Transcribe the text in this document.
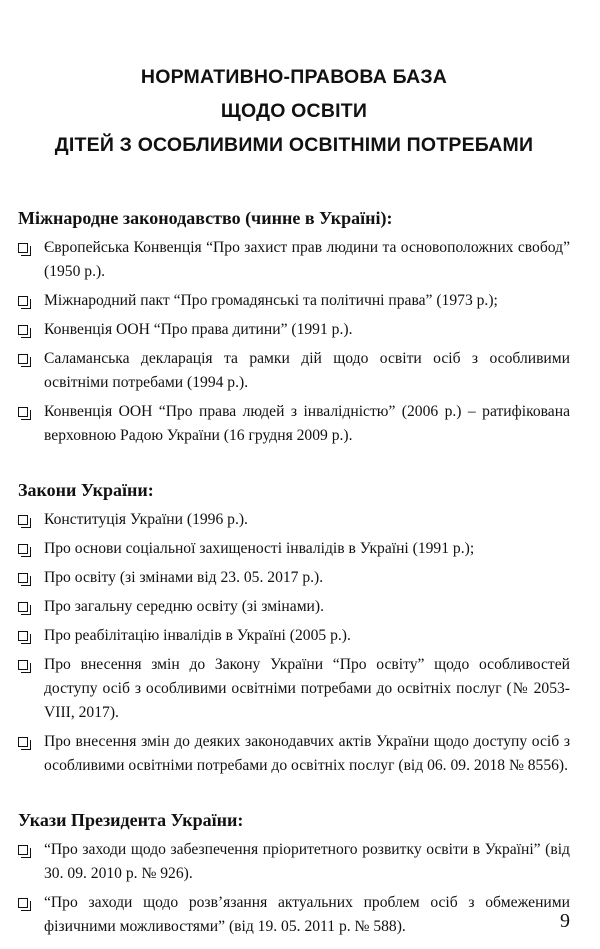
НОРМАТИВНО-ПРАВОВА БАЗА
ЩОДО ОСВІТИ
ДІТЕЙ З ОСОБЛИВИМИ ОСВІТНІМИ ПОТРЕБАМИ
Міжнародне законодавство (чинне в Україні):
Європейська Конвенція “Про захист прав людини та основоположних свобод” (1950 р.).
Міжнародний пакт “Про громадянські та політичні права” (1973 р.);
Конвенція ООН “Про права дитини” (1991 р.).
Саламанська декларація та рамки дій щодо освіти осіб з особливими освітніми потребами (1994 р.).
Конвенція ООН “Про права людей з інвалідністю” (2006 р.) – ратифікована верховною Радою України (16 грудня 2009 р.).
Закони України:
Конституція України (1996 р.).
Про основи соціальної захищеності інвалідів в Україні (1991 р.);
Про освіту (зі змінами від 23. 05. 2017 р.).
Про загальну середню освіту (зі змінами).
Про реабілітацію інвалідів в Україні (2005 р.).
Про внесення змін до Закону України “Про освіту” щодо особливостей доступу осіб з особливими освітніми потребами до освітніх послуг (№ 2053-VIII, 2017).
Про внесення змін до деяких законодавчих актів України щодо доступу осіб з особливими освітніми потребами до освітніх послуг (від 06. 09. 2018 № 8556).
Укази Президента України:
“Про заходи щодо забезпечення пріоритетного розвитку освіти в Україні” (від 30. 09. 2010 р. № 926).
“Про заходи щодо розв’язання актуальних проблем осіб з обмеженими фізичними можливостями” (від 19. 05. 2011 р. № 588).	9
